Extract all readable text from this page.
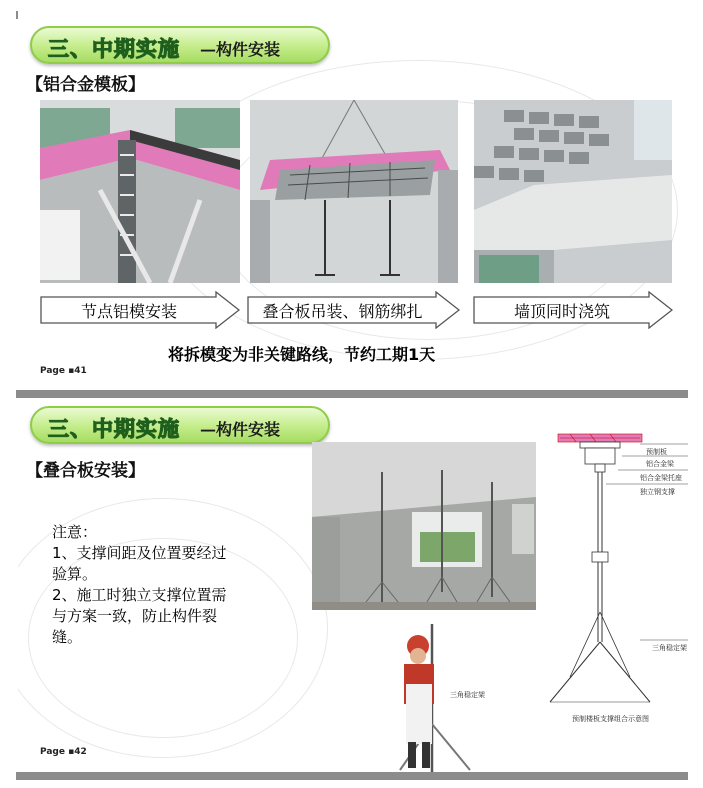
三、中期实施 —构件安装
【铝合金模板】
节点铝模安装	叠合板吊装、钢筋绑扎	墙顶同时浇筑
将拆模变为非关键路线，节约工期1天
Page ▪41
三、中期实施 —构件安装
【叠合板安装】
注意：
1、支撑间距及位置要经过
验算。
2、施工时独立支撑位置需
与方案一致，防止构件裂
缝。
三角稳定架
预制板
铝合金梁
铝合金梁托座
独立钢支撑
三角稳定架
预制楼板支撑组合示意图
Page ▪42
